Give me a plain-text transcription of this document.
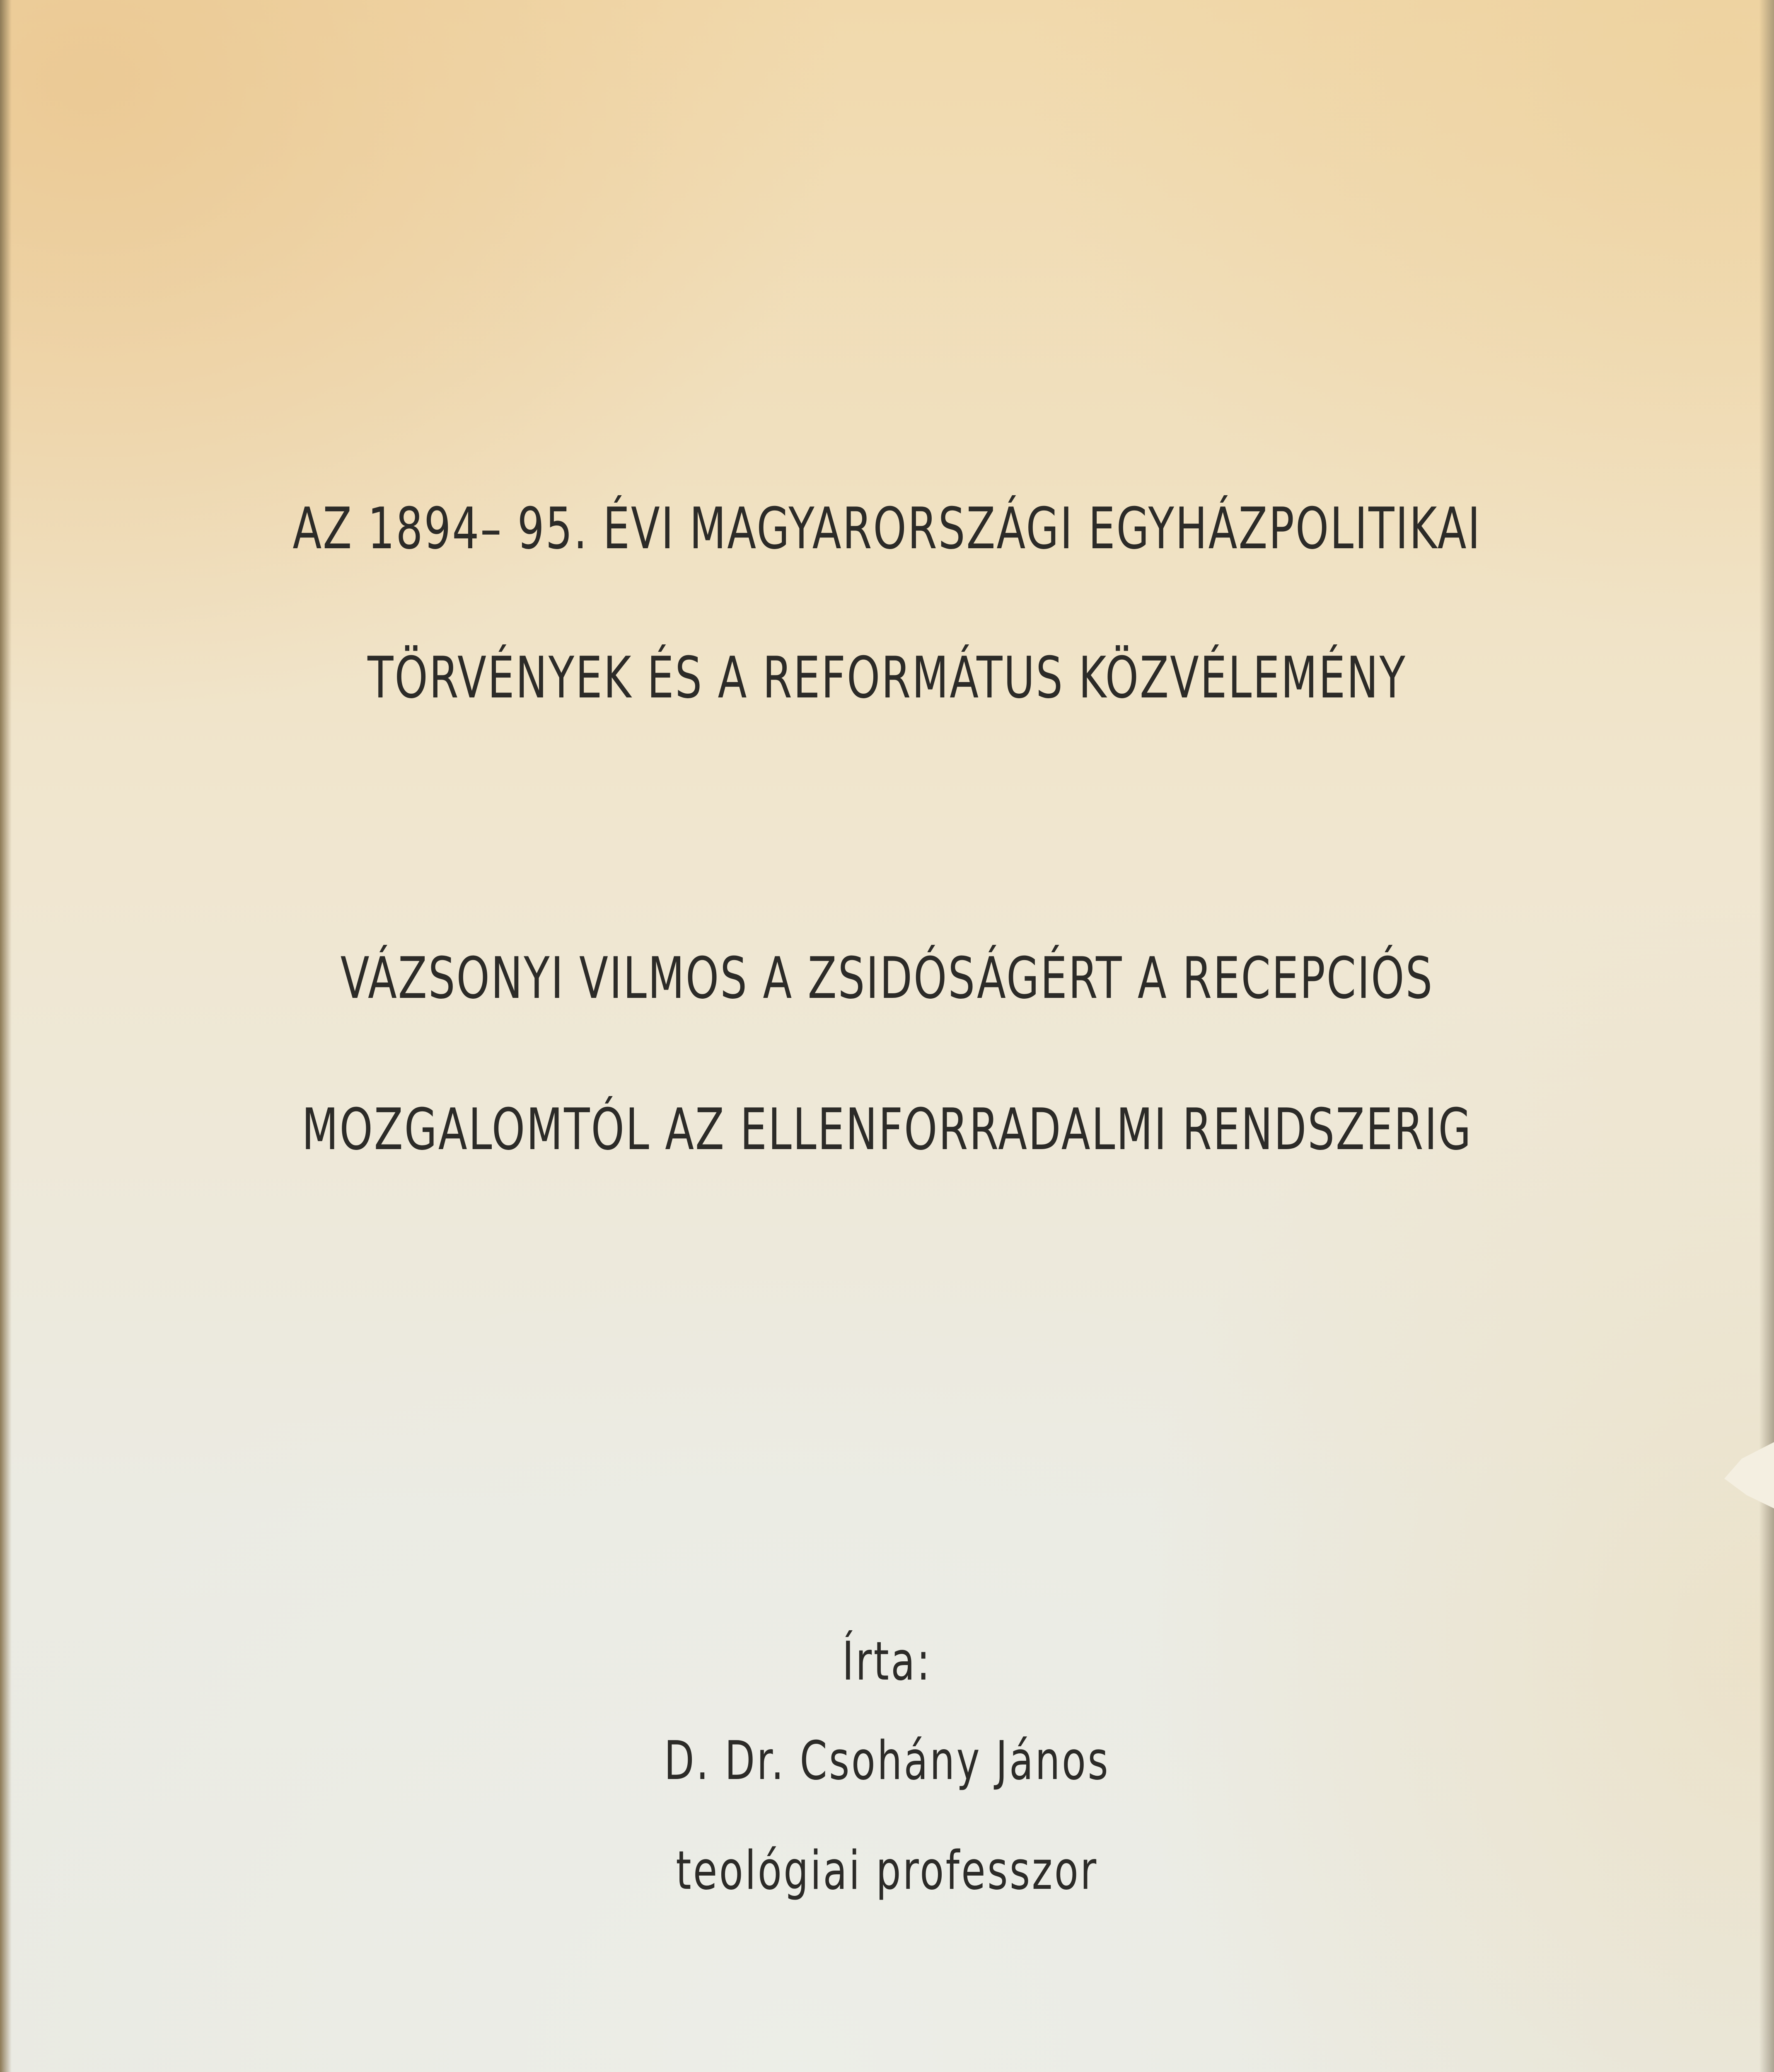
AZ 1894– 95. ÉVI MAGYARORSZÁGI EGYHÁZPOLITIKAI
TÖRVÉNYEK ÉS A REFORMÁTUS KÖZVÉLEMÉNY
VÁZSONYI VILMOS A ZSIDÓSÁGÉRT A RECEPCIÓS
MOZGALOMTÓL AZ ELLENFORRADALMI RENDSZERIG
Írta:
D. Dr. Csohány János
teológiai professzor
